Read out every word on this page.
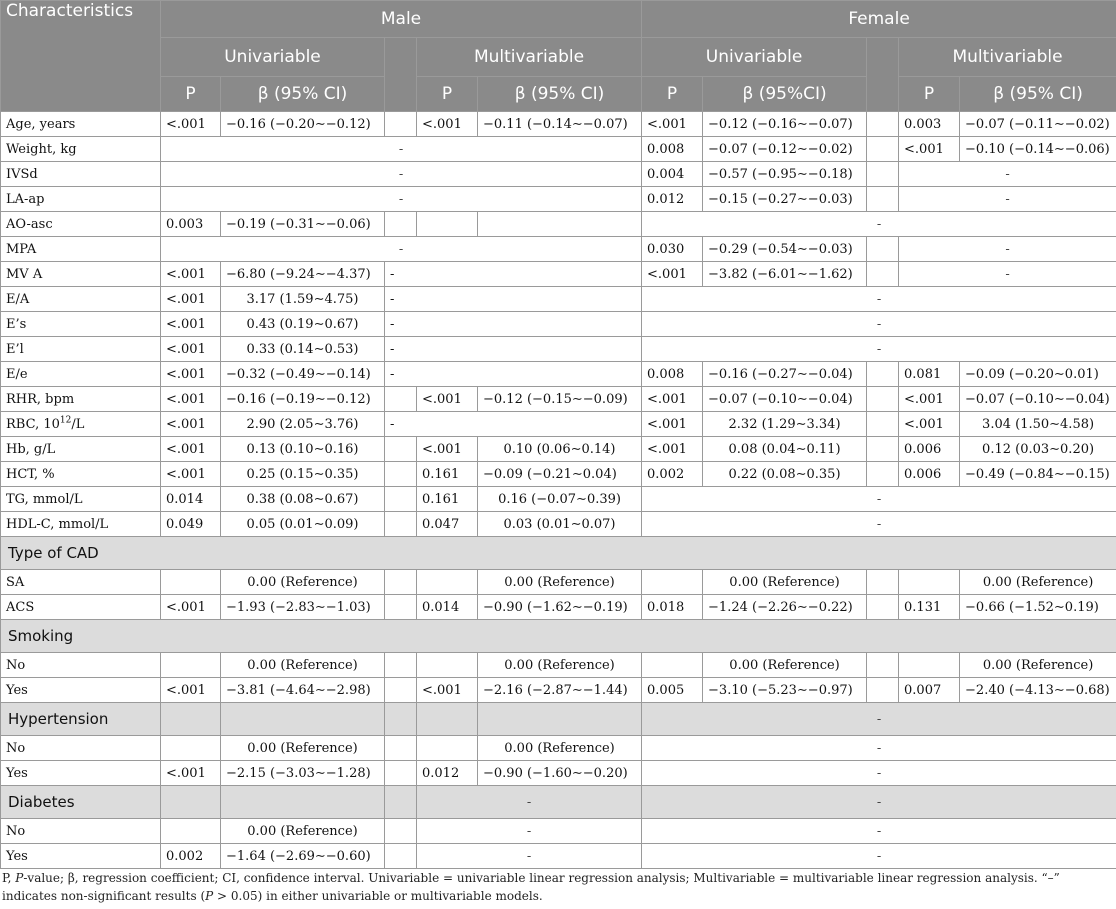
Characteristics	Male					Female				
	Univariable			Multivariable		Univariable			Multivariable	
	P	β (95% CI)		P	β (95% CI)	P	β (95%CI)		P	β (95% CI)
Age, years	<.001	−0.16 (−0.20∼−0.12)		<.001	−0.11 (−0.14∼−0.07)	<.001	−0.12 (−0.16∼−0.07)		0.003	−0.07 (−0.11∼−0.02)
Weight, kg	-					0.008	−0.07 (−0.12∼−0.02)		<.001	−0.10 (−0.14∼−0.06)
IVSd	-					0.004	−0.57 (−0.95∼−0.18)		-	
LA-ap	-					0.012	−0.15 (−0.27∼−0.03)		-	
AO-asc	0.003	−0.19 (−0.31∼−0.06)				-				
MPA	-					0.030	−0.29 (−0.54∼−0.03)		-	
MV A	<.001	−6.80 (−9.24∼−4.37)	-			<.001	−3.82 (−6.01∼−1.62)		-	
E/A	<.001	3.17 (1.59∼4.75)	-			-				
E’s	<.001	0.43 (0.19∼0.67)	-			-				
E’l	<.001	0.33 (0.14∼0.53)	-			-				
E/e	<.001	−0.32 (−0.49∼−0.14)	-			0.008	−0.16 (−0.27∼−0.04)		0.081	−0.09 (−0.20∼0.01)
RHR, bpm	<.001	−0.16 (−0.19∼−0.12)		<.001	−0.12 (−0.15∼−0.09)	<.001	−0.07 (−0.10∼−0.04)		<.001	−0.07 (−0.10∼−0.04)
RBC, $10^{12}/L$	<.001	2.90 (2.05∼3.76)	-			<.001	2.32 (1.29∼3.34)		<.001	3.04 (1.50∼4.58)
Hb, g/L	<.001	0.13 (0.10∼0.16)		<.001	0.10 (0.06∼0.14)	<.001	0.08 (0.04∼0.11)		0.006	0.12 (0.03∼0.20)
HCT, %	<.001	0.25 (0.15∼0.35)		0.161	−0.09 (−0.21∼0.04)	0.002	0.22 (0.08∼0.35)		0.006	−0.49 (−0.84∼−0.15)
TG, mmol/L	0.014	0.38 (0.08∼0.67)		0.161	0.16 (−0.07∼0.39)	-				
HDL-C, mmol/L	0.049	0.05 (0.01∼0.09)		0.047	0.03 (0.01∼0.07)	-				
Type of CAD										
SA		0.00 (Reference)			0.00 (Reference)		0.00 (Reference)			0.00 (Reference)
ACS	<.001	−1.93 (−2.83∼−1.03)		0.014	−0.90 (−1.62∼−0.19)	0.018	−1.24 (−2.26∼−0.22)		0.131	−0.66 (−1.52∼0.19)
Smoking										
No		0.00 (Reference)			0.00 (Reference)		0.00 (Reference)			0.00 (Reference)
Yes	<.001	−3.81 (−4.64∼−2.98)		<.001	−2.16 (−2.87∼−1.44)	0.005	−3.10 (−5.23∼−0.97)		0.007	−2.40 (−4.13∼−0.68)
Hypertension						-				
No		0.00 (Reference)			0.00 (Reference)	-				
Yes	<.001	−2.15 (−3.03∼−1.28)		0.012	−0.90 (−1.60∼−0.20)	-				
Diabetes				-		-				
No		0.00 (Reference)		-		-				
Yes	0.002	−1.64 (−2.69∼−0.60)		-		-				
P, P-value; β, regression coefficient; CI, confidence interval. Univariable = univariable linear regression analysis; Multivariable = multivariable linear regression analysis. “–” indicates non-significant results (P > 0.05) in either univariable or multivariable models.
